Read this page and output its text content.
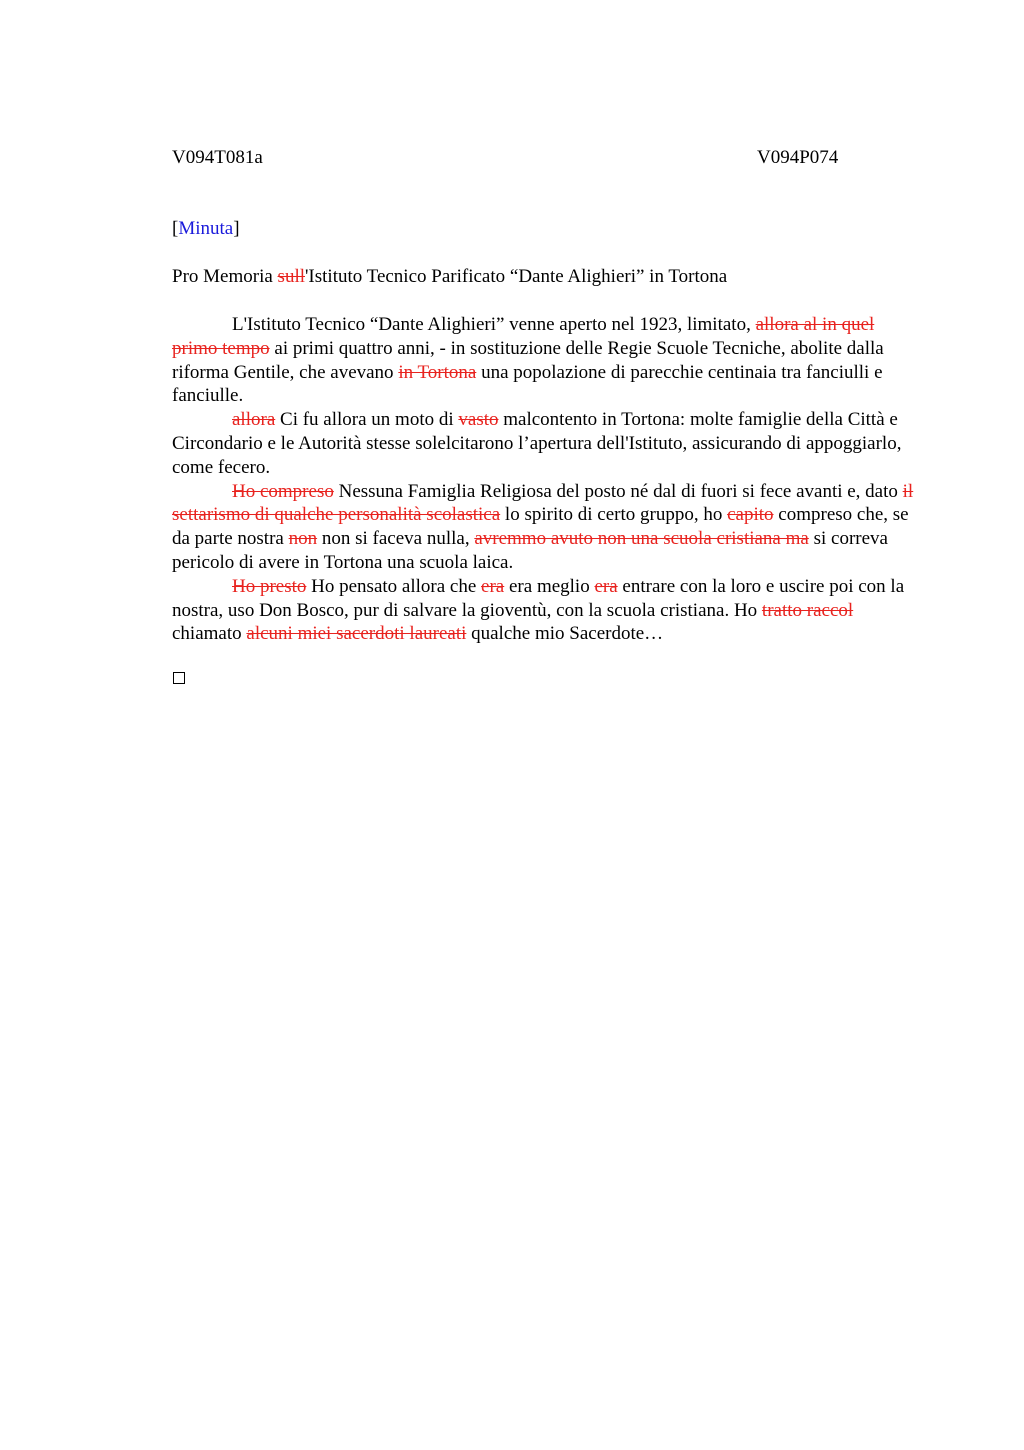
V094T081a	V094P074
[Minuta]
Pro Memoria sull'Istituto Tecnico Parificato “Dante Alighieri” in Tortona

L'Istituto Tecnico “Dante Alighieri” venne aperto nel 1923, limitato, allora al in quel primo tempo ai primi quattro anni, - in sostituzione delle Regie Scuole Tecniche, abolite dalla riforma Gentile, che avevano in Tortona una popolazione di parecchie centinaia tra fanciulli e fanciulle.

allora Ci fu allora un moto di vasto malcontento in Tortona: molte famiglie della Città e Circondario e le Autorità stesse solelcitarono l’apertura dell'Istituto, assicurando di appoggiarlo, come fecero.

Ho compreso Nessuna Famiglia Religiosa del posto né dal di fuori si fece avanti e, dato il settarismo di qualche personalità scolastica lo spirito di certo gruppo, ho capito compreso che, se da parte nostra non non si faceva nulla, avremmo avuto non una scuola cristiana ma si correva pericolo di avere in Tortona una scuola laica.

Ho presto Ho pensato allora che era era meglio era entrare con la loro e uscire poi con la nostra, uso Don Bosco, pur di salvare la gioventù, con la scuola cristiana. Ho tratto raccol chiamato alcuni miei sacerdoti laureati qualche mio Sacerdote…
